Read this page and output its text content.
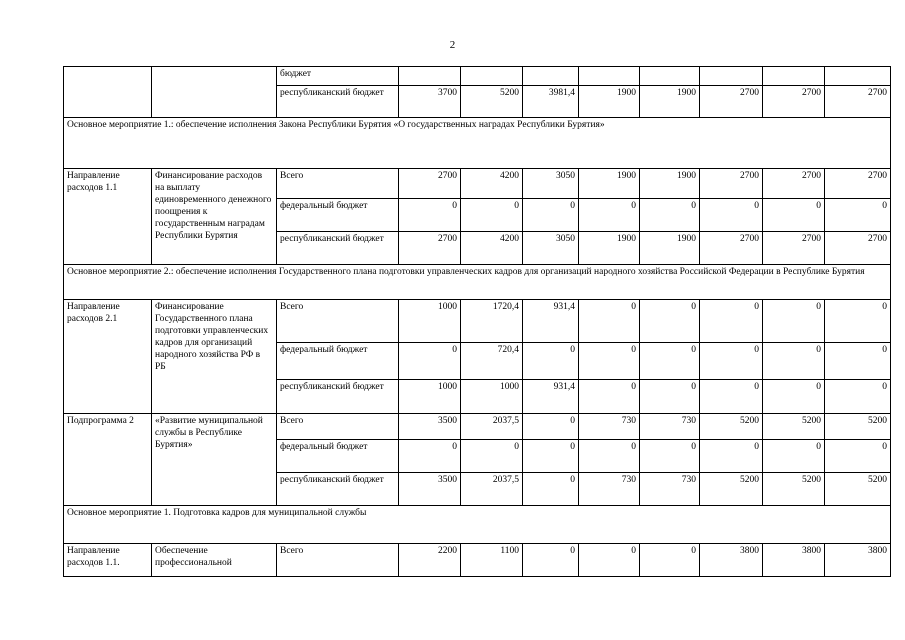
2
		бюджет								
		республиканский бюджет	3700	5200	3981,4	1900	1900	2700	2700	2700
Основное мероприятие 1.: обеспечение исполнения Закона Республики Бурятия «О государственных наградах Республики Бурятия»										
Направление расходов 1.1	Финансирование расходов на выплату единовременного денежного поощрения к государственным наградам Республики Бурятия	Всего	2700	4200	3050	1900	1900	2700	2700	2700
		федеральный бюджет	0	0	0	0	0	0	0	0
		республиканский бюджет	2700	4200	3050	1900	1900	2700	2700	2700
Основное мероприятие 2.: обеспечение исполнения Государственного плана подготовки управленческих кадров для организаций народного хозяйства Российской Федерации в Республике Бурятия										
Направление расходов 2.1	Финансирование Государственного плана подготовки управленческих кадров для организаций народного хозяйства РФ в РБ	Всего	1000	1720,4	931,4	0	0	0	0	0
		федеральный бюджет	0	720,4	0	0	0	0	0	0
		республиканский бюджет	1000	1000	931,4	0	0	0	0	0
Подпрограмма 2	«Развитие муниципальной службы в Республике Бурятия»	Всего	3500	2037,5	0	730	730	5200	5200	5200
		федеральный бюджет	0	0	0	0	0	0	0	0
		республиканский бюджет	3500	2037,5	0	730	730	5200	5200	5200
Основное мероприятие 1. Подготовка кадров для муниципальной службы										
Направление расходов 1.1.	Обеспечение профессиональной	Всего	2200	1100	0	0	0	3800	3800	3800
